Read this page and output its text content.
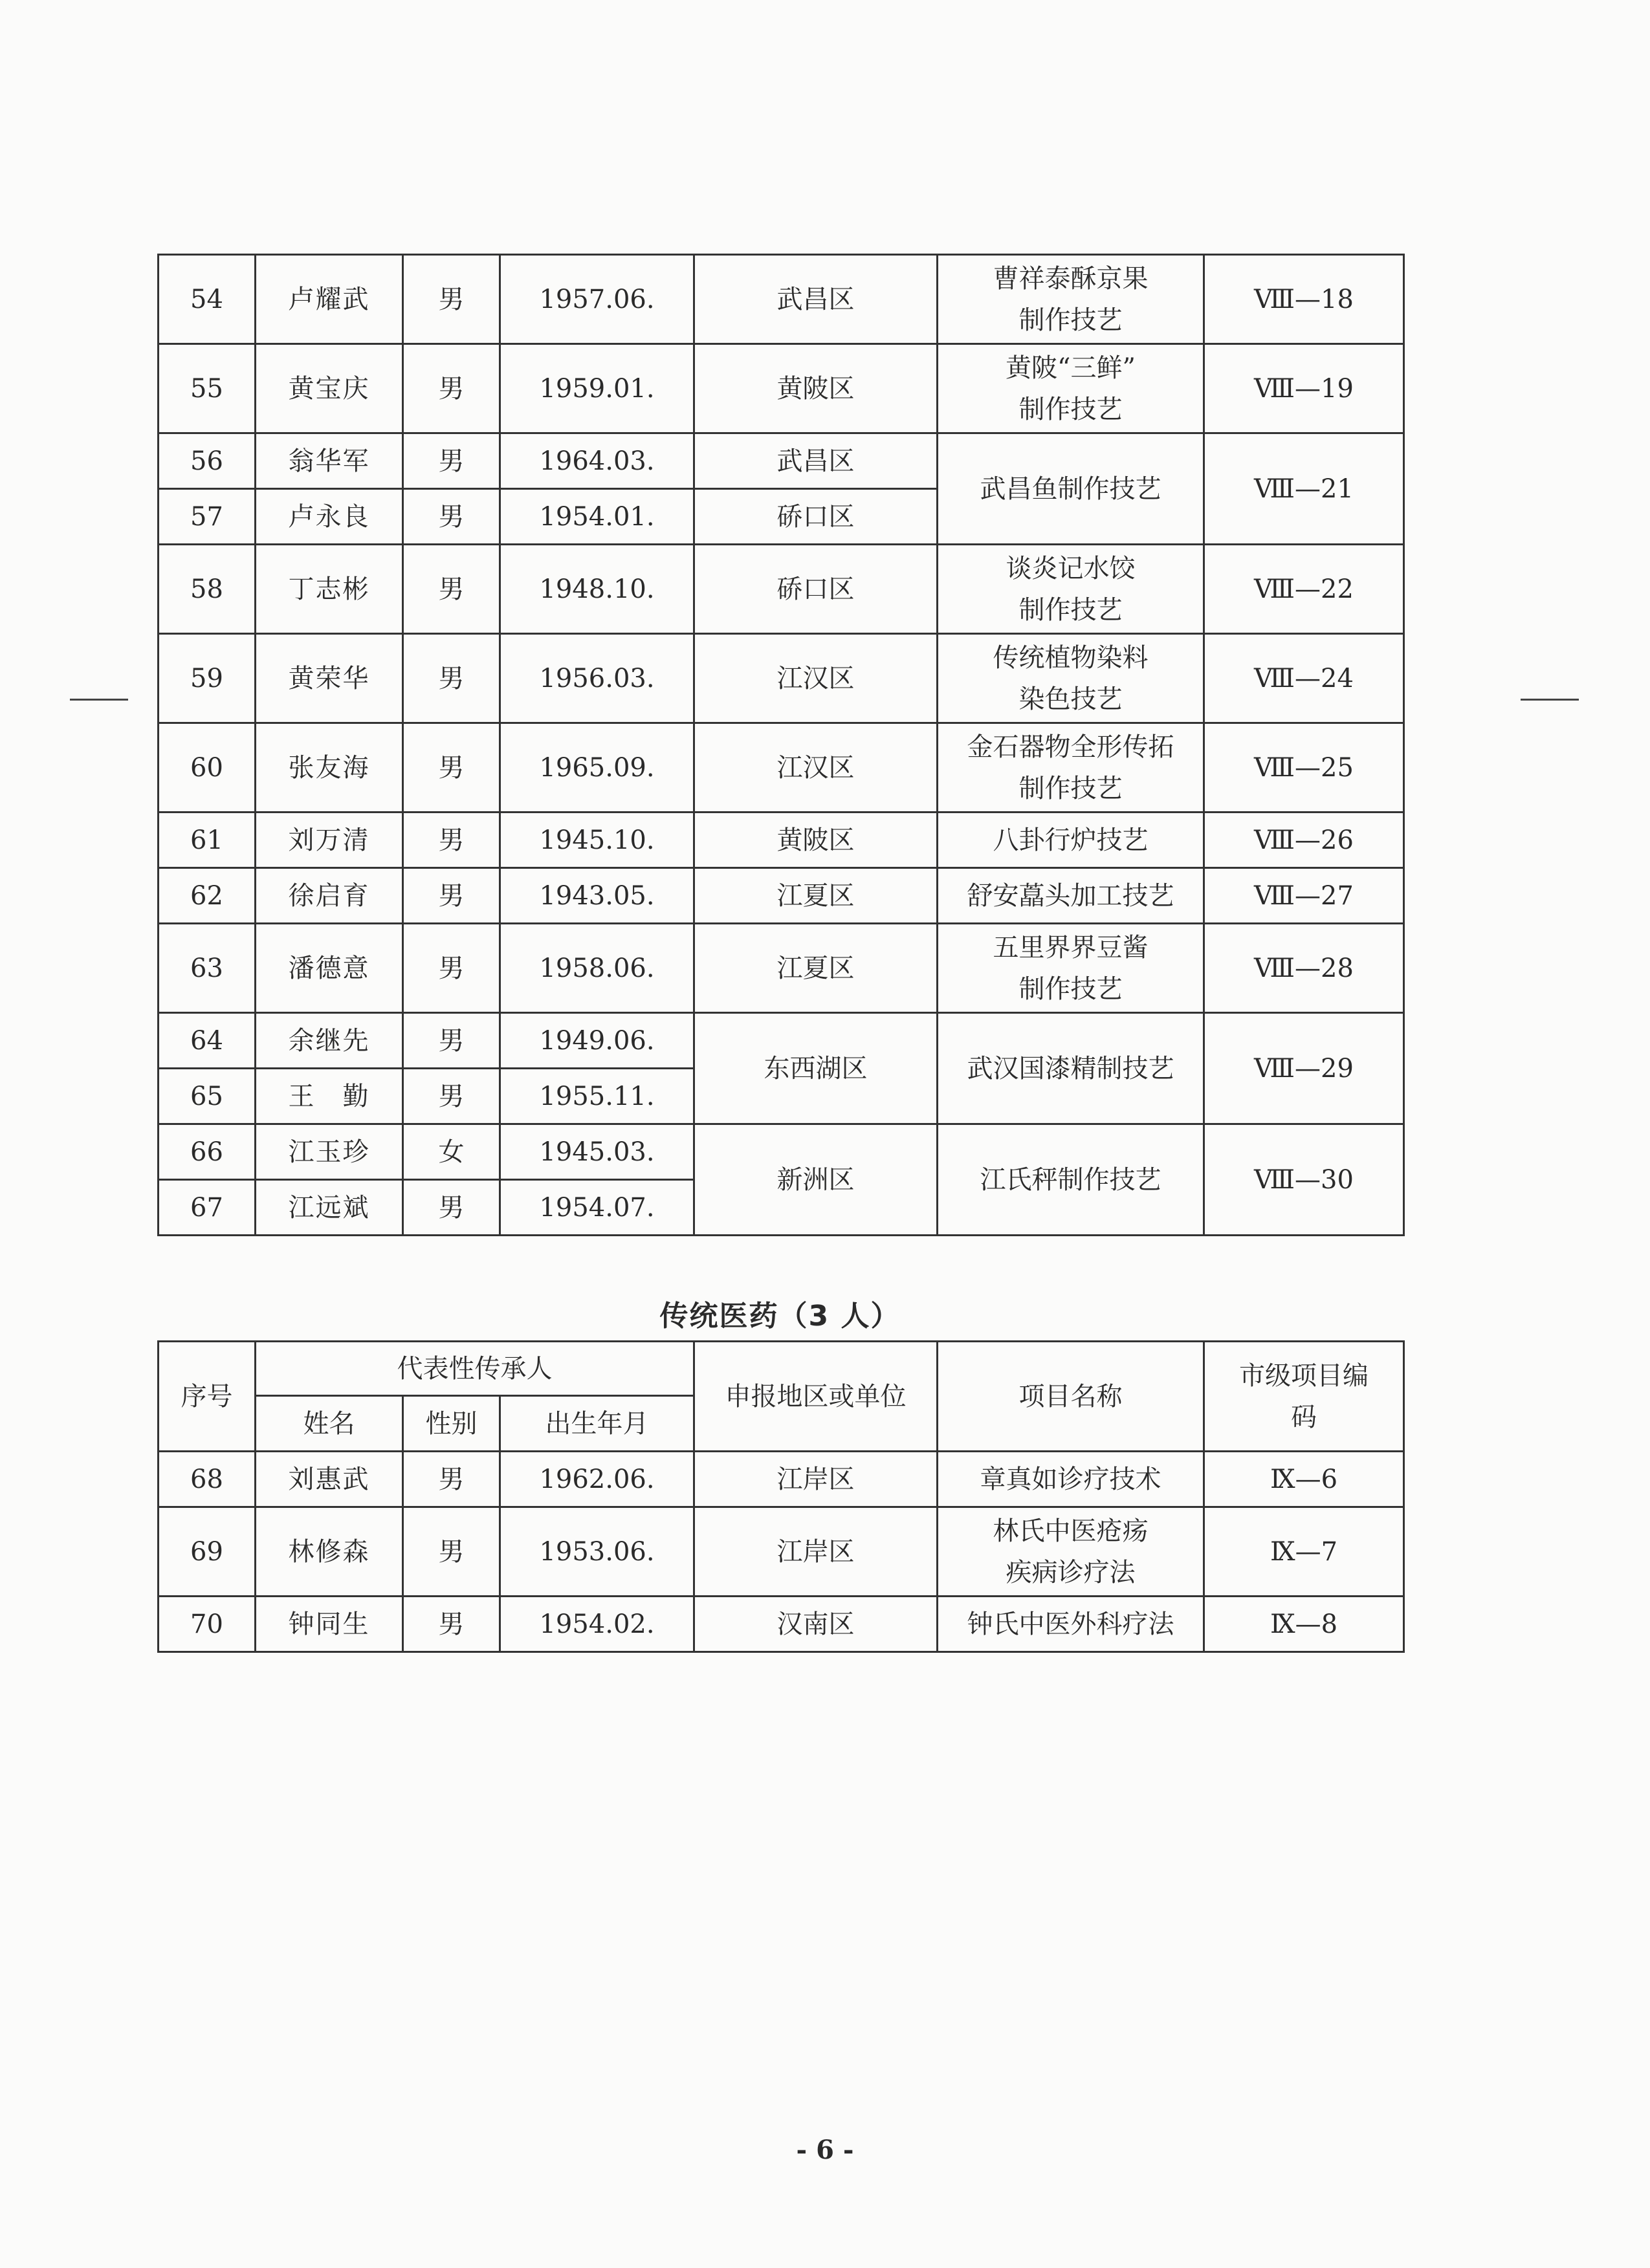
54	卢耀武	男	1957.06.	武昌区	曹祥泰酥京果
制作技艺	Ⅷ—18
55	黄宝庆	男	1959.01.	黄陂区	黄陂“三鲜”
制作技艺	Ⅷ—19
56	翁华军	男	1964.03.	武昌区	武昌鱼制作技艺	Ⅷ—21
57	卢永良	男	1954.01.	硚口区		
58	丁志彬	男	1948.10.	硚口区	谈炎记水饺
制作技艺	Ⅷ—22
59	黄荣华	男	1956.03.	江汉区	传统植物染料
染色技艺	Ⅷ—24
60	张友海	男	1965.09.	江汉区	金石器物全形传拓
制作技艺	Ⅷ—25
61	刘万清	男	1945.10.	黄陂区	八卦行炉技艺	Ⅷ—26
62	徐启育	男	1943.05.	江夏区	舒安藠头加工技艺	Ⅷ—27
63	潘德意	男	1958.06.	江夏区	五里界界豆酱
制作技艺	Ⅷ—28
64	余继先	男	1949.06.	东西湖区	武汉国漆精制技艺	Ⅷ—29
65	王　勤	男	1955.11.			
66	江玉珍	女	1945.03.	新洲区	江氏秤制作技艺	Ⅷ—30
67	江远斌	男	1954.07.			
传统医药（3 人）
序号	代表性传承人			申报地区或单位	项目名称	市级项目编
码

	姓名	性别	出生年月			
68	刘惠武	男	1962.06.	江岸区	章真如诊疗技术	Ⅸ—6
69	林修森	男	1953.06.	江岸区	林氏中医疮疡
疾病诊疗法	Ⅸ—7
70	钟同生	男	1954.02.	汉南区	钟氏中医外科疗法	Ⅸ—8
- 6 -
